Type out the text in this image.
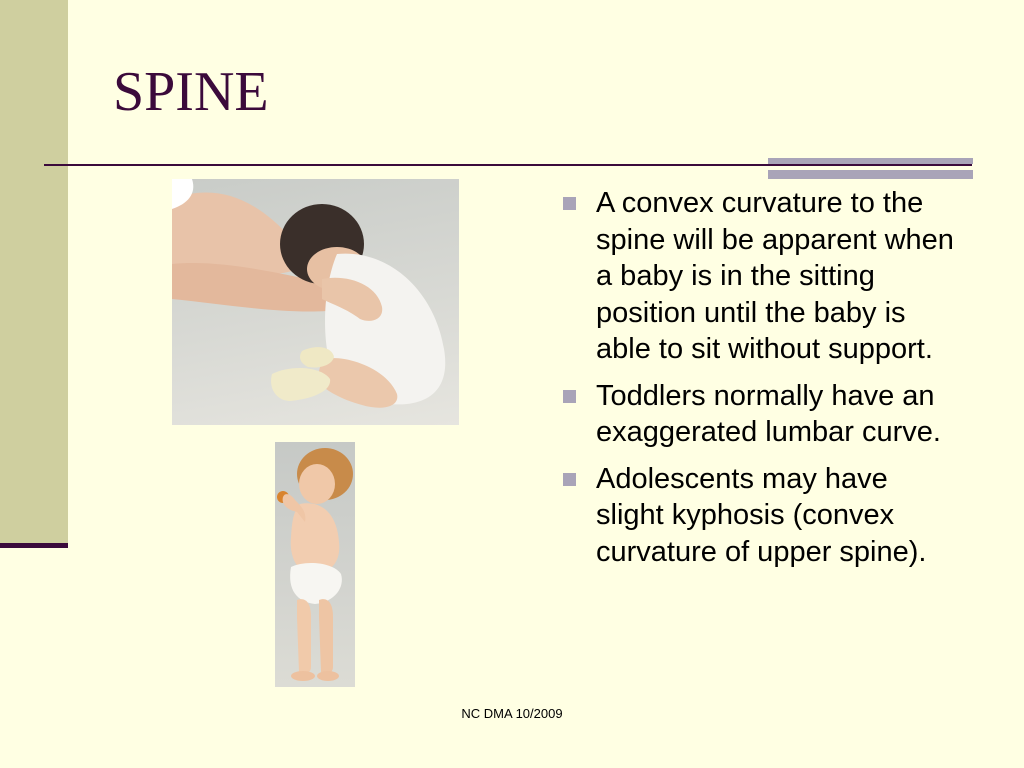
SPINE
A convex curvature to the spine will be apparent when a baby is in the sitting position until the baby is able to sit without support.
Toddlers normally have an exaggerated lumbar curve.
Adolescents may have slight kyphosis (convex curvature of upper spine).
NC DMA 10/2009
